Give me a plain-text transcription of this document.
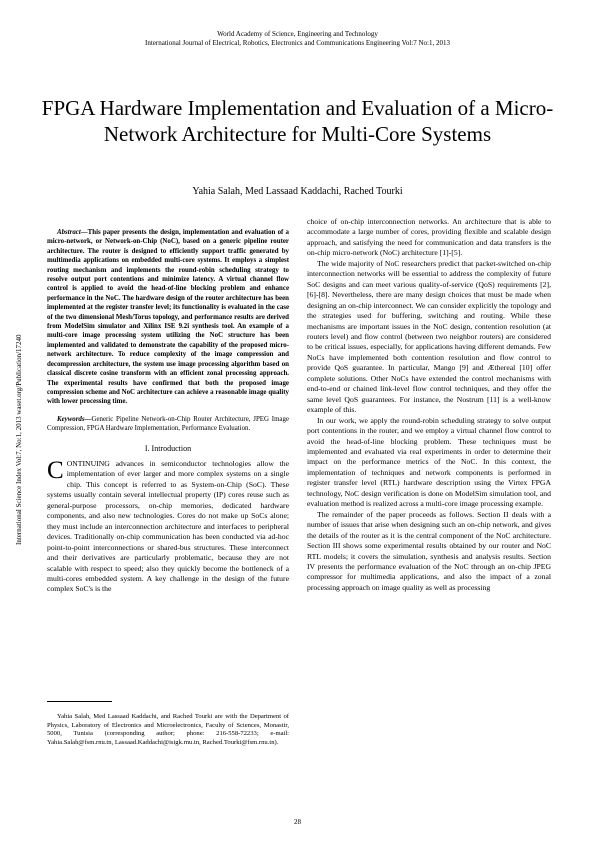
World Academy of Science, Engineering and Technology
International Journal of Electrical, Robotics, Electronics and Communications Engineering Vol:7 No:1, 2013
International Science Index Vol:7, No:1, 2013 waset.org/Publication/17240
FPGA Hardware Implementation and Evaluation of a Micro-Network Architecture for Multi-Core Systems
Yahia Salah, Med Lassaad Kaddachi, Rached Tourki

Abstract—This paper presents the design, implementation and evaluation of a micro-network, or Network-on-Chip (NoC), based on a generic pipeline router architecture. The router is designed to efficiently support traffic generated by multimedia applications on embedded multi-core systems. It employs a simplest routing mechanism and implements the round-robin scheduling strategy to resolve output port contentions and minimize latency. A virtual channel flow control is applied to avoid the head-of-line blocking problem and enhance performance in the NoC. The hardware design of the router architecture has been implemented at the register transfer level; its functionality is evaluated in the case of the two dimensional Mesh/Torus topology, and performance results are derived from ModelSim simulator and Xilinx ISE 9.2i synthesis tool. An example of a multi-core image processing system utilizing the NoC structure has been implemented and validated to demonstrate the capability of the proposed micro-network architecture. To reduce complexity of the image compression and decompression architecture, the system use image processing algorithm based on classical discrete cosine transform with an efficient zonal processing approach. The experimental results have confirmed that both the proposed image compression scheme and NoC architecture can achieve a reasonable image quality with lower processing time.

Keywords—Generic Pipeline Network-on-Chip Router Architecture, JPEG Image Compression, FPGA Hardware Implementation, Performance Evaluation.

I. Introduction

CONTINUING advances in semiconductor technologies allow the implementation of ever larger and more complex systems on a single chip. This concept is referred to as System-on-Chip (SoC). These systems usually contain several intellectual property (IP) cores reuse such as general-purpose processors, on-chip memories, dedicated hardware components, and also new technologies. Cores do not make up SoCs alone; they must include an interconnection architecture and interfaces to peripheral devices. Traditionally on-chip communication has been conducted via ad-hoc point-to-point interconnections or shared-bus structures. These interconnect and their derivatives are particularly problematic, because they are not scalable with respect to speed; also they quickly become the bottleneck of a multi-cores embedded system. A key challenge in the design of the future complex SoC's is the

choice of on-chip interconnection networks. An architecture that is able to accommodate a large number of cores, providing flexible and scalable design approach, and satisfying the need for communication and data transfers is the on-chip micro-network (NoC) architecture [1]-[5].

The wide majority of NoC researchers predict that packet-switched on-chip interconnection networks will be essential to address the complexity of future SoC designs and can meet various quality-of-service (QoS) requirements [2], [6]-[8]. Nevertheless, there are many design choices that must be made when designing an on-chip interconnect. We can consider explicitly the topology and the strategies used for buffering, switching and routing. While these mechanisms are important issues in the NoC design, contention resolution (at routers level) and flow control (between two neighbor routers) are considered to be critical issues, especially, for applications having different demands. Few NoCs have implemented both contention resolution and flow control to provide QoS guarantee. In particular, Mango [9] and Æthereal [10] offer complete solutions. Other NoCs have extended the control mechanisms with end-to-end or chained link-level flow control techniques, and they offer the same level QoS guarantees. For instance, the Nostrum [11] is a well-know example of this.

In our work, we apply the round-robin scheduling strategy to solve output port contentions in the router, and we employ a virtual channel flow control to avoid the head-of-line blocking problem. These techniques must be implemented and evaluated via real experiments in order to determine their impact on the performance metrics of the NoC. In this context, the implementation of techniques and network components is performed in register transfer level (RTL) hardware description using the Virtex FPGA technology, NoC design verification is done on ModelSim simulation tool, and evaluation method is realized across a multi-core image processing example.

The remainder of the paper proceeds as follows. Section II deals with a number of issues that arise when designing such an on-chip network, and gives the details of the router as it is the central component of the NoC architecture. Section III shows some experimental results obtained by our router and NoC RTL models; it covers the simulation, synthesis and analysis results. Section IV presents the performance evaluation of the NoC through an on-chip JPEG compressor for multimedia applications, and also the impact of a zonal processing approach on image quality as well as processing

Yahia Salah, Med Lassaad Kaddachi, and Rached Tourki are with the Department of Physics, Laboratory of Electronics and Microelectronics, Faculty of Sciences, Monastir, 5000, Tunisia (corresponding author; phone: 216-558-72233; e-mail: Yahia.Salah@fsm.rnu.tn, Lassaad.Kaddachi@isigk.rnu.tn, Rached.Tourki@fsm.rnu.tn).
28
